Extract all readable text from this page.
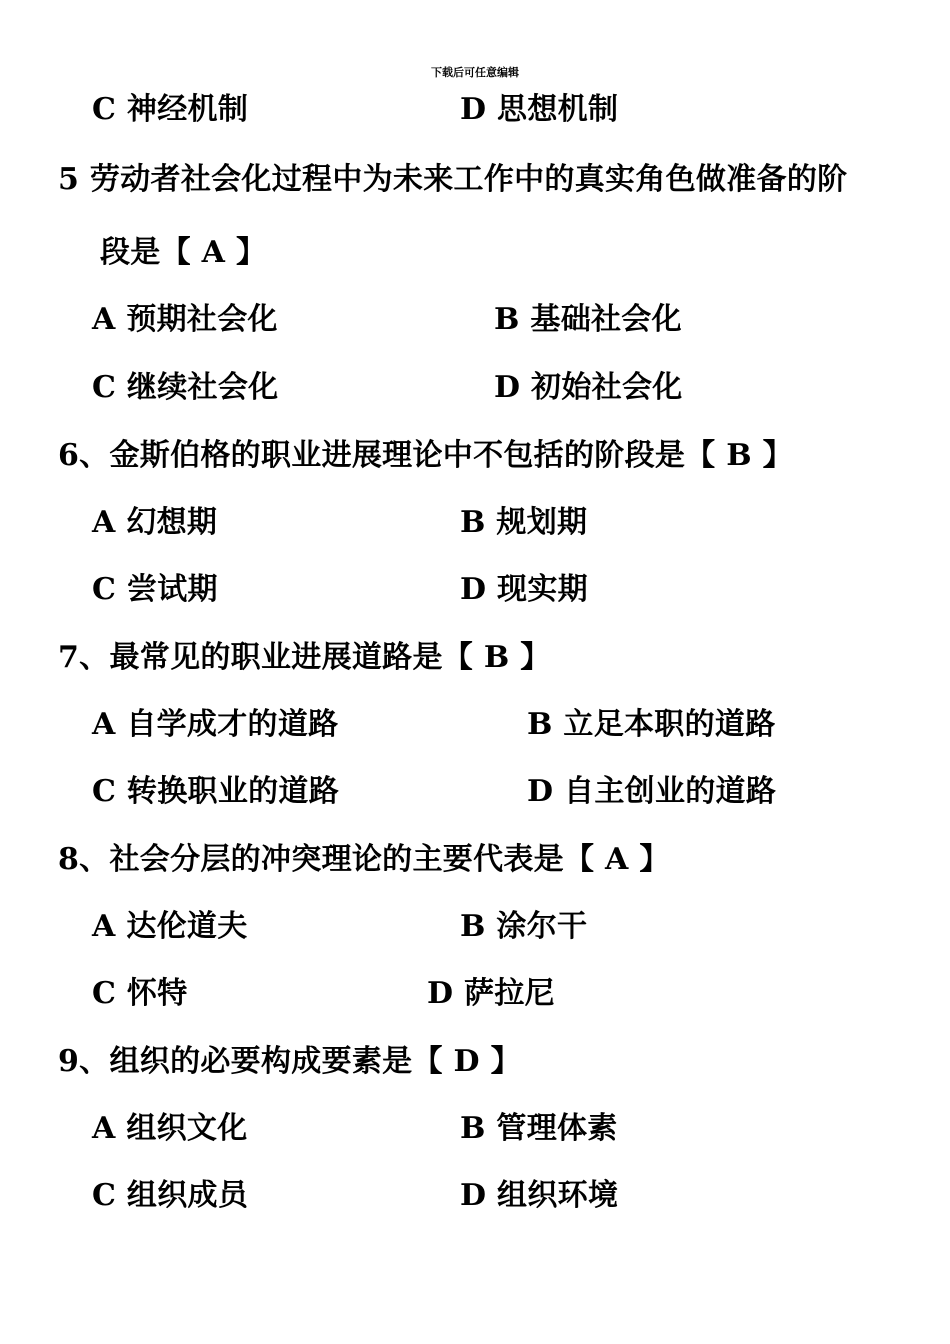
下载后可任意编辑
C 神经机制	D 思想机制
5 劳动者社会化过程中为未来工作中的真实角色做准备的阶
段是【 A 】
A 预期社会化	B 基础社会化
C 继续社会化	D 初始社会化
6、金斯伯格的职业进展理论中不包括的阶段是【 B 】
A 幻想期	B 规划期
C 尝试期	D 现实期
7、最常见的职业进展道路是【 B 】
A 自学成才的道路	B 立足本职的道路
C 转换职业的道路	D 自主创业的道路
8、社会分层的冲突理论的主要代表是【 A 】
A 达伦道夫	B 涂尔干
C 怀特	D 萨拉尼
9、组织的必要构成要素是【 D 】
A 组织文化	B 管理体素
C 组织成员	D 组织环境
